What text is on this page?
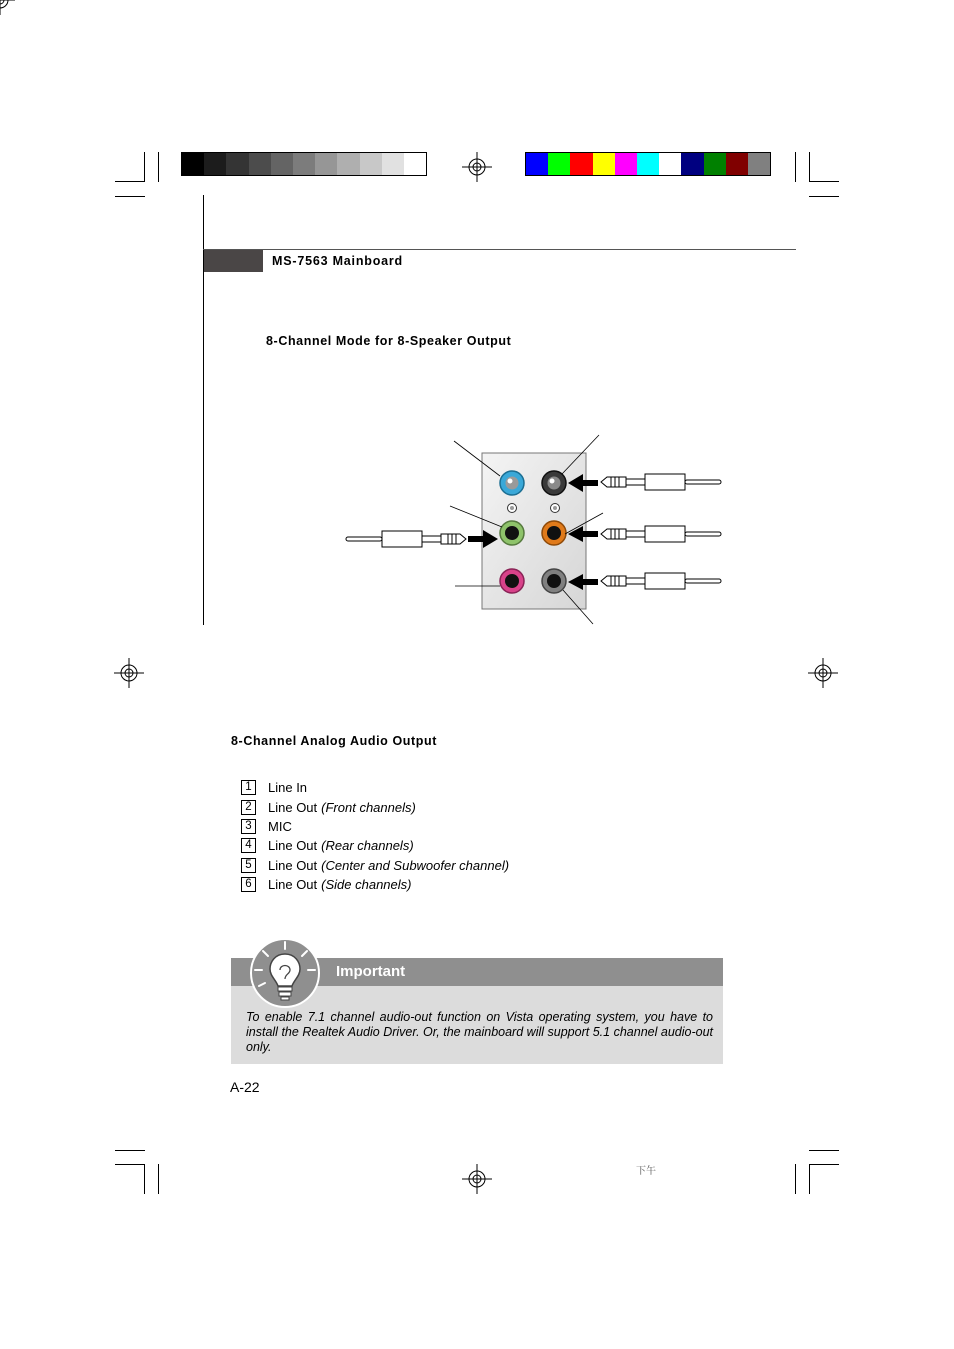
MS-7563 Mainboard
8-Channel Mode for 8-Speaker Output
8-Channel Analog Audio Output
1	Line In
2	Line Out (Front channels)
3	MIC
4	Line Out (Rear channels)
5	Line Out (Center and Subwoofer channel)
6	Line Out (Side channels)
Important
To enable 7.1 channel audio-out function on Vista operating system, you have to install the Realtek Audio Driver. Or, the mainboard will support 5.1 channel audio-out only.
A-22
下午
